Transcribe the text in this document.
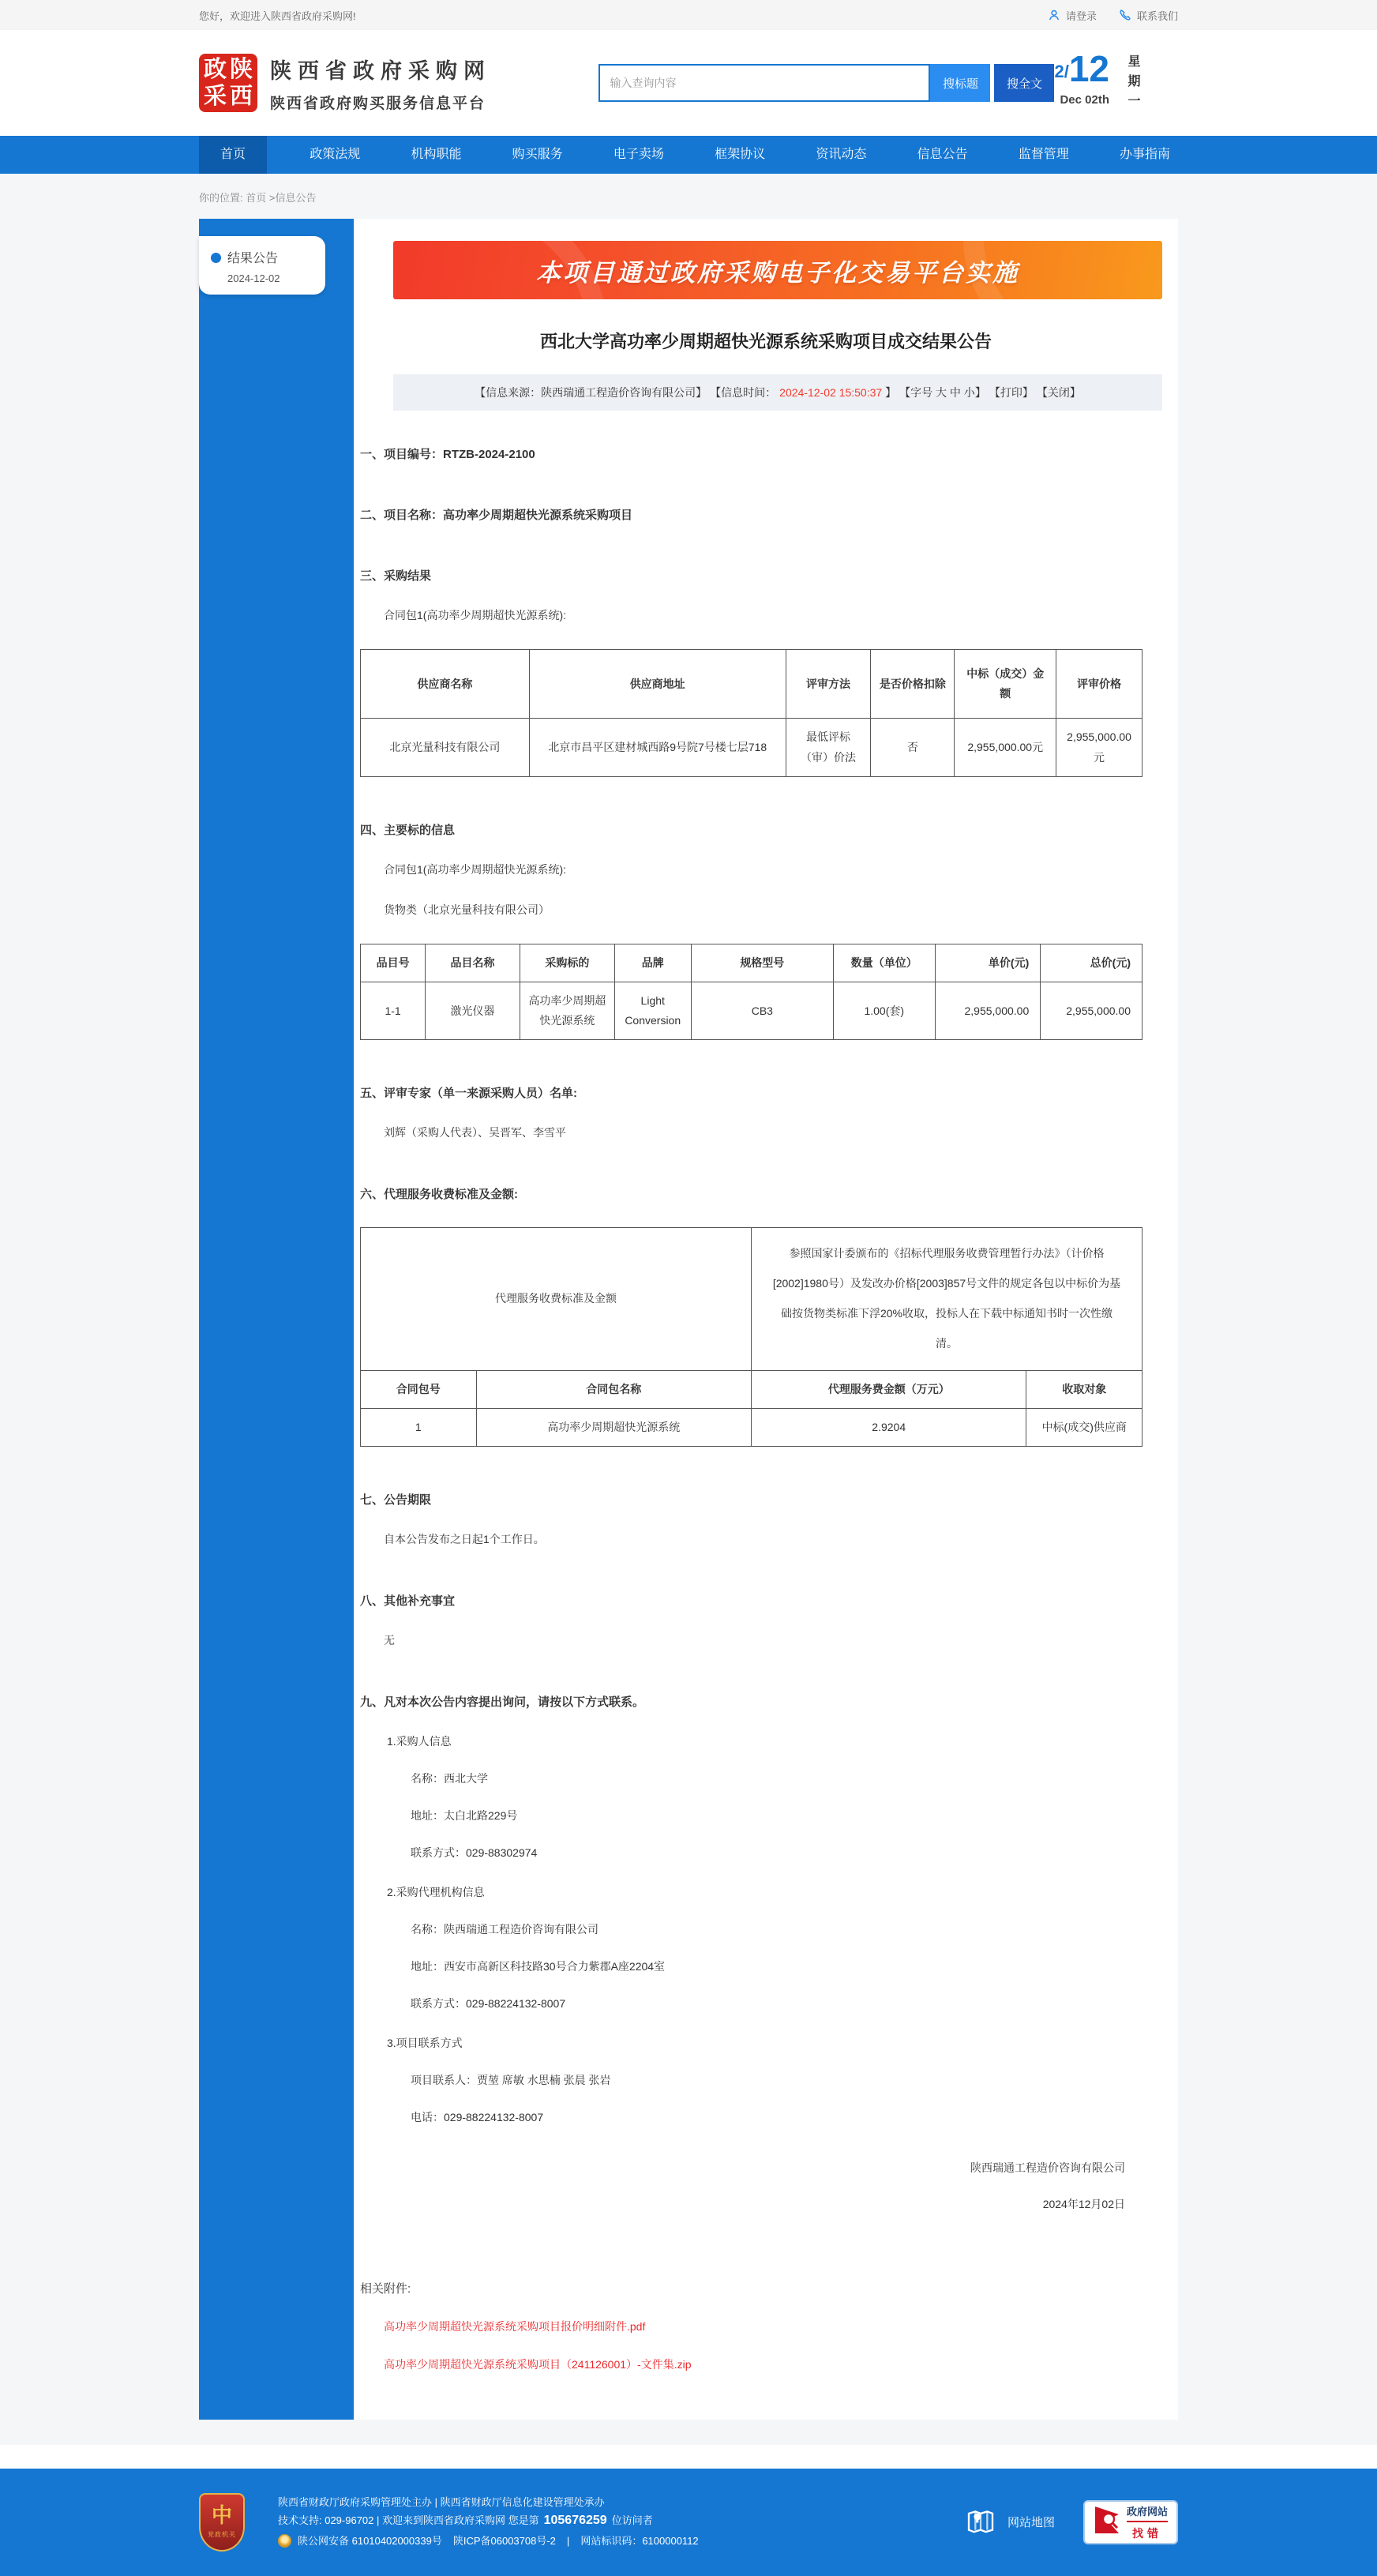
您好，欢迎进入陕西省政府采购网!	请登录	联系我们
政陕
采西
陕西省政府采购网
陕西省政府购买服务信息平台
输入查询内容
搜标题	搜全文
2/ 12
Dec 02th 星期一
首页	政策法规	机构职能	购买服务	电子卖场	框架协议	资讯动态	信息公告	监督管理	办事指南
你的位置: 首页 >信息公告
结果公告
2024-12-02	本项目通过政府采购电子化交易平台实施
西北大学高功率少周期超快光源系统采购项目成交结果公告
【信息来源：陕西瑞通工程造价咨询有限公司】 【信息时间： 2024-12-02 15:50:37 】 【字号 大 中 小】 【打印】 【关闭】
一、项目编号：RTZB-2024-2100
二、项目名称：高功率少周期超快光源系统采购项目
三、采购结果
合同包1(高功率少周期超快光源系统):
供应商名称	供应商地址	评审方法	是否价格扣除	中标（成交）金额	评审价格
北京光量科技有限公司	北京市昌平区建材城西路9号院7号楼七层718	最低评标（审）价法	否	2,955,000.00元	2,955,000.00元
四、主要标的信息
合同包1(高功率少周期超快光源系统):
货物类（北京光量科技有限公司）
品目号	品目名称	采购标的	品牌	规格型号	数量（单位）	单价(元)	总价(元)
1-1	激光仪器	高功率少周期超快光源系统	Light Conversion	CB3	1.00(套)	2,955,000.00	2,955,000.00
五、评审专家（单一来源采购人员）名单:
刘辉（采购人代表）、吴晋军、李雪平
六、代理服务收费标准及金额:
代理服务收费标准及金额		参照国家计委颁布的《招标代理服务收费管理暂行办法》（计价格[2002]1980号）及发改办价格[2003]857号文件的规定各包以中标价为基础按货物类标准下浮20%收取，投标人在下载中标通知书时一次性缴清。	
合同包号	合同包名称	代理服务费金额（万元）	收取对象
1	高功率少周期超快光源系统	2.9204	中标(成交)供应商
七、公告期限
自本公告发布之日起1个工作日。
八、其他补充事宜
无
九、凡对本次公告内容提出询问，请按以下方式联系。
1.采购人信息
名称：西北大学
地址：太白北路229号
联系方式：029-88302974
2.采购代理机构信息
名称：陕西瑞通工程造价咨询有限公司
地址：西安市高新区科技路30号合力紫郡A座2204室
联系方式：029-88224132-8007
3.项目联系方式
项目联系人：贾堃 席敏 水思楠 张晨 张岩
电话：029-88224132-8007
陕西瑞通工程造价咨询有限公司
2024年12月02日
相关附件:
高功率少周期超快光源系统采购项目报价明细附件.pdf
高功率少周期超快光源系统采购项目（241126001）-文件集.zip
中
党政机关
陕西省财政厅政府采购管理处主办 | 陕西省财政厅信息化建设管理处承办
技术支持: 029-96702 | 欢迎来到陕西省政府采购网 您是第 105676259 位访问者
陕公网安备 61010402000339号 陕ICP备06003708号-2 | 网站标识码：6100000112
网站地图
政府网站
找错
